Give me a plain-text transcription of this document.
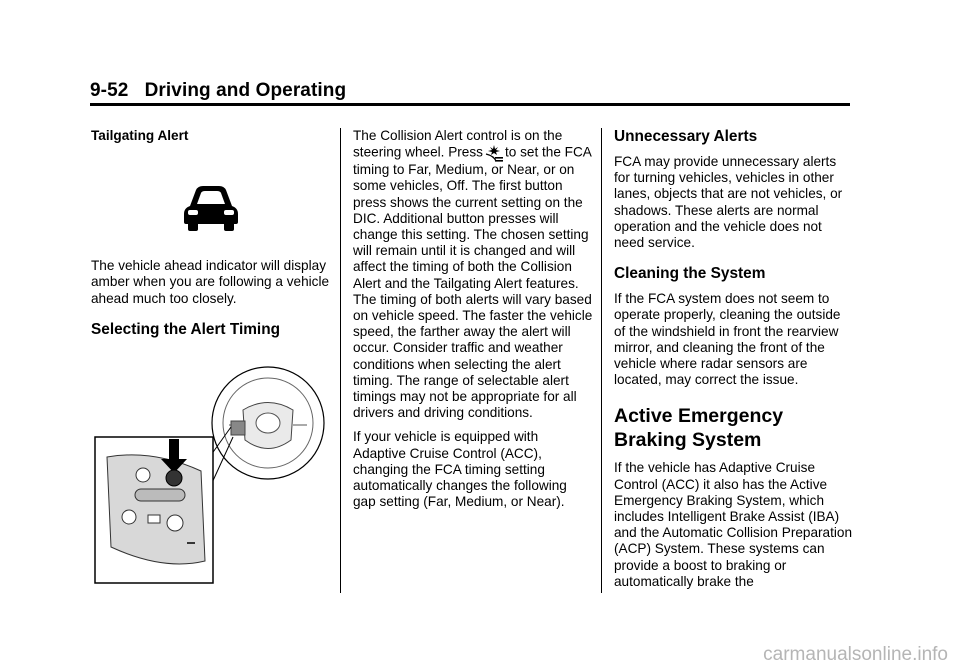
9-52 Driving and Operating
Tailgating Alert

The vehicle ahead indicator will display amber when you are following a vehicle ahead much too closely.

Selecting the Alert Timing

The Collision Alert control is on the steering wheel. Press to set the FCA timing to Far, Medium, or Near, or on some vehicles, Off. The first button press shows the current setting on the DIC. Additional button presses will change this setting. The chosen setting will remain until it is changed and will affect the timing of both the Collision Alert and the Tailgating Alert features. The timing of both alerts will vary based on vehicle speed. The faster the vehicle speed, the farther away the alert will occur. Consider traffic and weather conditions when selecting the alert timing. The range of selectable alert timings may not be appropriate for all drivers and driving conditions.

If your vehicle is equipped with Adaptive Cruise Control (ACC), changing the FCA timing setting automatically changes the following gap setting (Far, Medium, or Near).

Unnecessary Alerts

FCA may provide unnecessary alerts for turning vehicles, vehicles in other lanes, objects that are not vehicles, or shadows. These alerts are normal operation and the vehicle does not need service.

Cleaning the System

If the FCA system does not seem to operate properly, cleaning the outside of the windshield in front the rearview mirror, and cleaning the front of the vehicle where radar sensors are located, may correct the issue.

Active Emergency Braking System

If the vehicle has Adaptive Cruise Control (ACC) it also has the Active Emergency Braking System, which includes Intelligent Brake Assist (IBA) and the Automatic Collision Preparation (ACP) System. These systems can provide a boost to braking or automatically brake the

carmanualsonline.info
